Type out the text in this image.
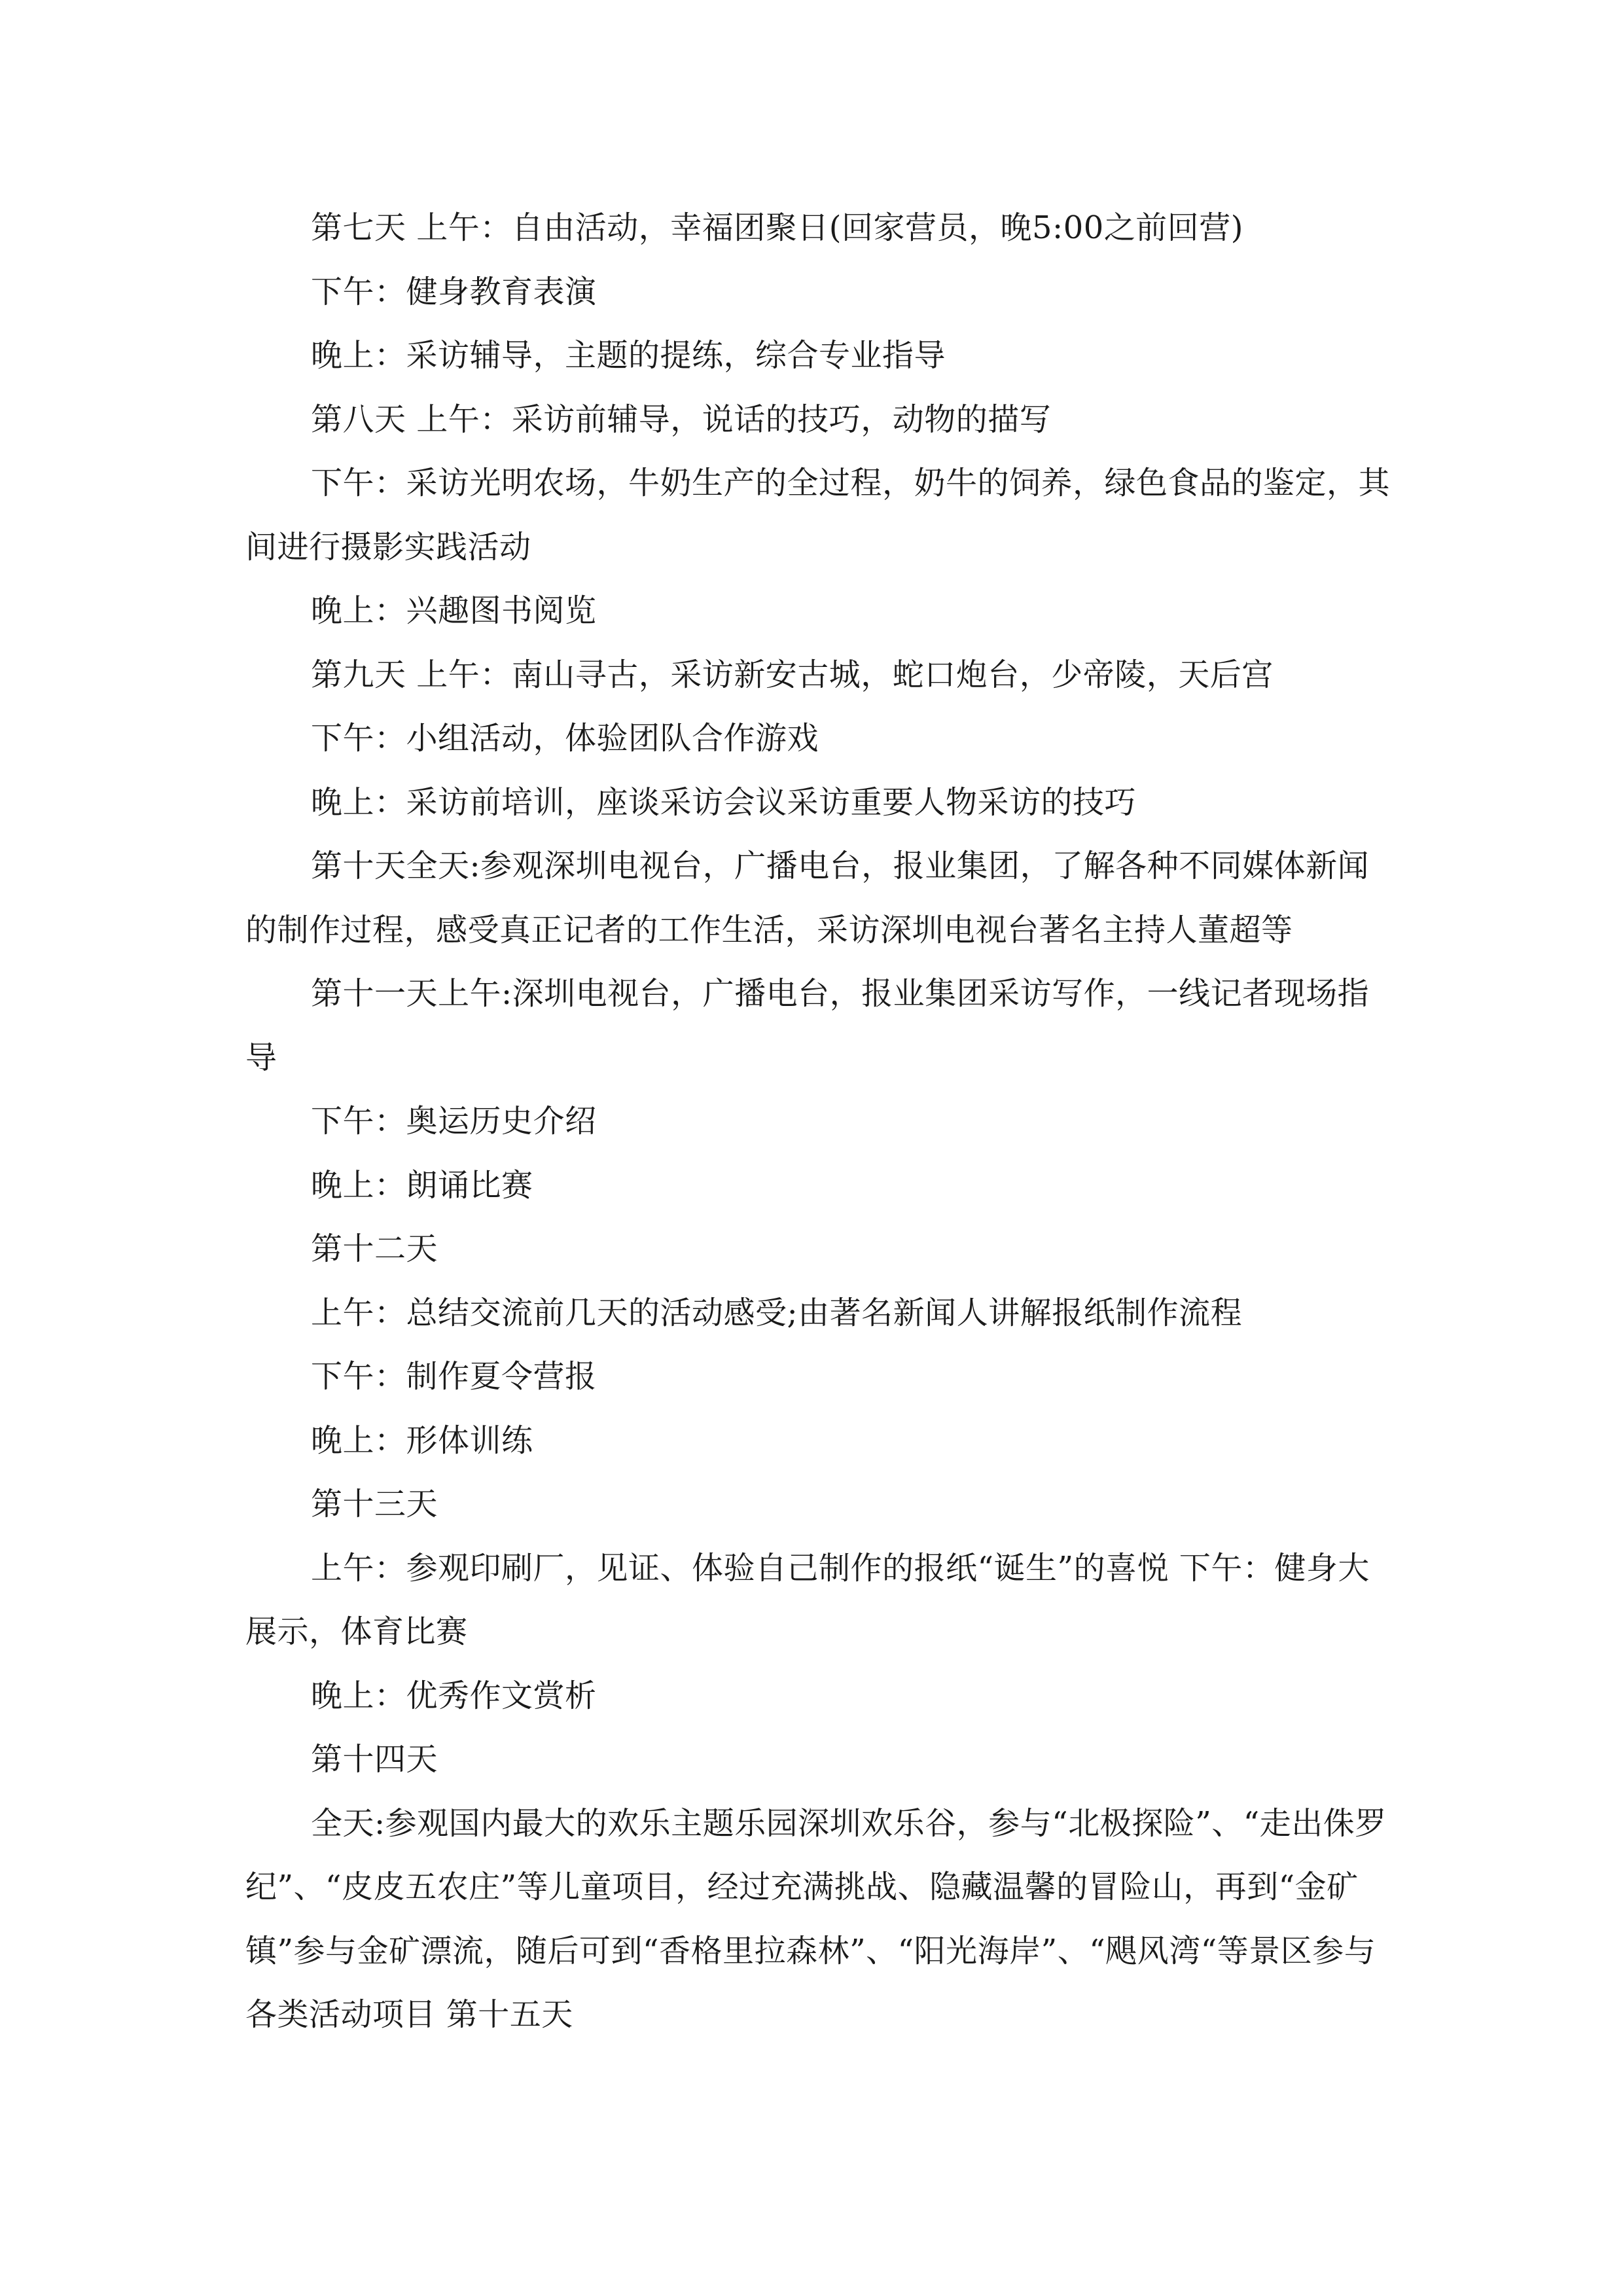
第七天 上午：自由活动，幸福团聚日(回家营员，晚5:00之前回营)

下午：健身教育表演

晚上：采访辅导，主题的提练，综合专业指导

第八天 上午：采访前辅导，说话的技巧，动物的描写

下午：采访光明农场，牛奶生产的全过程，奶牛的饲养，绿色食品的鉴定，其间进行摄影实践活动

晚上：兴趣图书阅览

第九天 上午：南山寻古，采访新安古城，蛇口炮台，少帝陵，天后宫

下午：小组活动，体验团队合作游戏

晚上：采访前培训，座谈采访会议采访重要人物采访的技巧

第十天全天:参观深圳电视台，广播电台，报业集团，了解各种不同媒体新闻的制作过程，感受真正记者的工作生活，采访深圳电视台著名主持人董超等

第十一天上午:深圳电视台，广播电台，报业集团采访写作，一线记者现场指导

下午：奥运历史介绍

晚上：朗诵比赛

第十二天

上午：总结交流前几天的活动感受;由著名新闻人讲解报纸制作流程

下午：制作夏令营报

晚上：形体训练

第十三天

上午：参观印刷厂，见证、体验自己制作的报纸“诞生”的喜悦 下午：健身大展示，体育比赛

晚上：优秀作文赏析

第十四天

全天:参观国内最大的欢乐主题乐园深圳欢乐谷，参与“北极探险”、“走出侏罗纪”、“皮皮五农庄”等儿童项目，经过充满挑战、隐藏温馨的冒险山，再到“金矿镇”参与金矿漂流，随后可到“香格里拉森林”、“阳光海岸”、“飓风湾“等景区参与各类活动项目 第十五天
